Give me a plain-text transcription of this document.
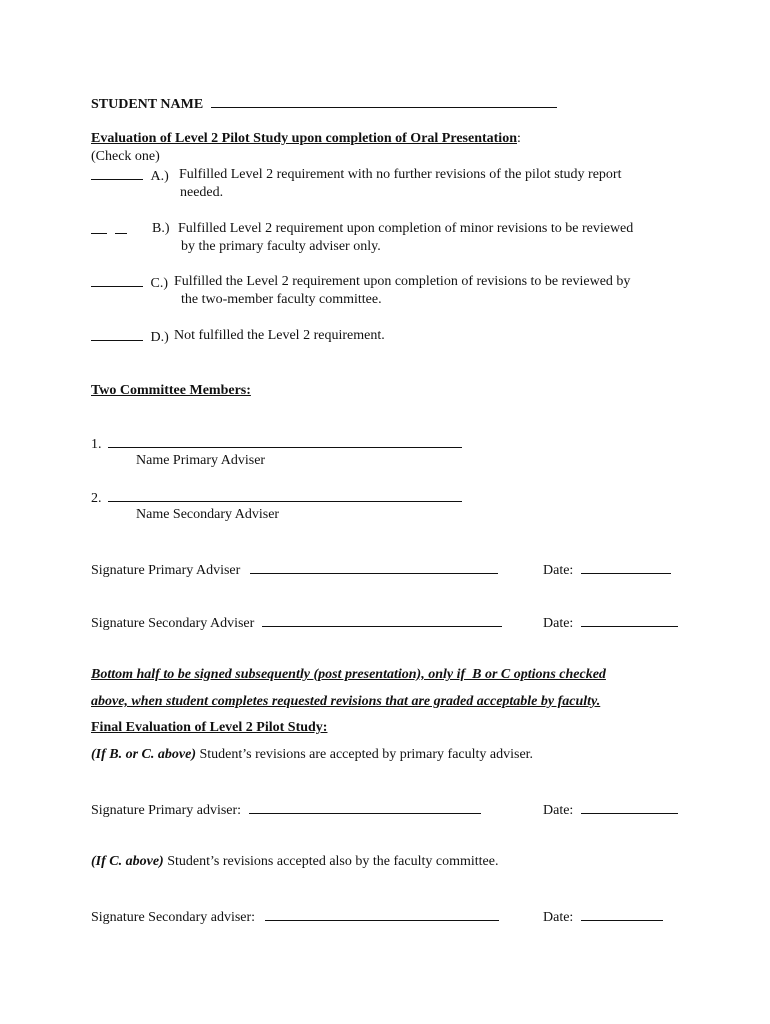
STUDENT NAME
Evaluation of Level 2 Pilot Study upon completion of Oral Presentation:
(Check one)
A.) Fulfilled Level 2 requirement with no further revisions of the pilot study report
needed.

B.) Fulfilled Level 2 requirement upon completion of minor revisions to be reviewed
by the primary faculty adviser only.
C.) Fulfilled the Level 2 requirement upon completion of revisions to be reviewed by
the two-member faculty committee.
D.) Not fulfilled the Level 2 requirement.
Two Committee Members:
1.
Name Primary Adviser
2.
Name Secondary Adviser
Signature Primary Adviser	Date:
Signature Secondary Adviser	Date:
Bottom half to be signed subsequently (post presentation), only if  B or C options checked
above, when student completes requested revisions that are graded acceptable by faculty.
Final Evaluation of Level 2 Pilot Study:
(If B. or C. above) Student’s revisions are accepted by primary faculty adviser.
Signature Primary adviser:	Date:
(If C. above) Student’s revisions accepted also by the faculty committee.
Signature Secondary adviser:	Date:
